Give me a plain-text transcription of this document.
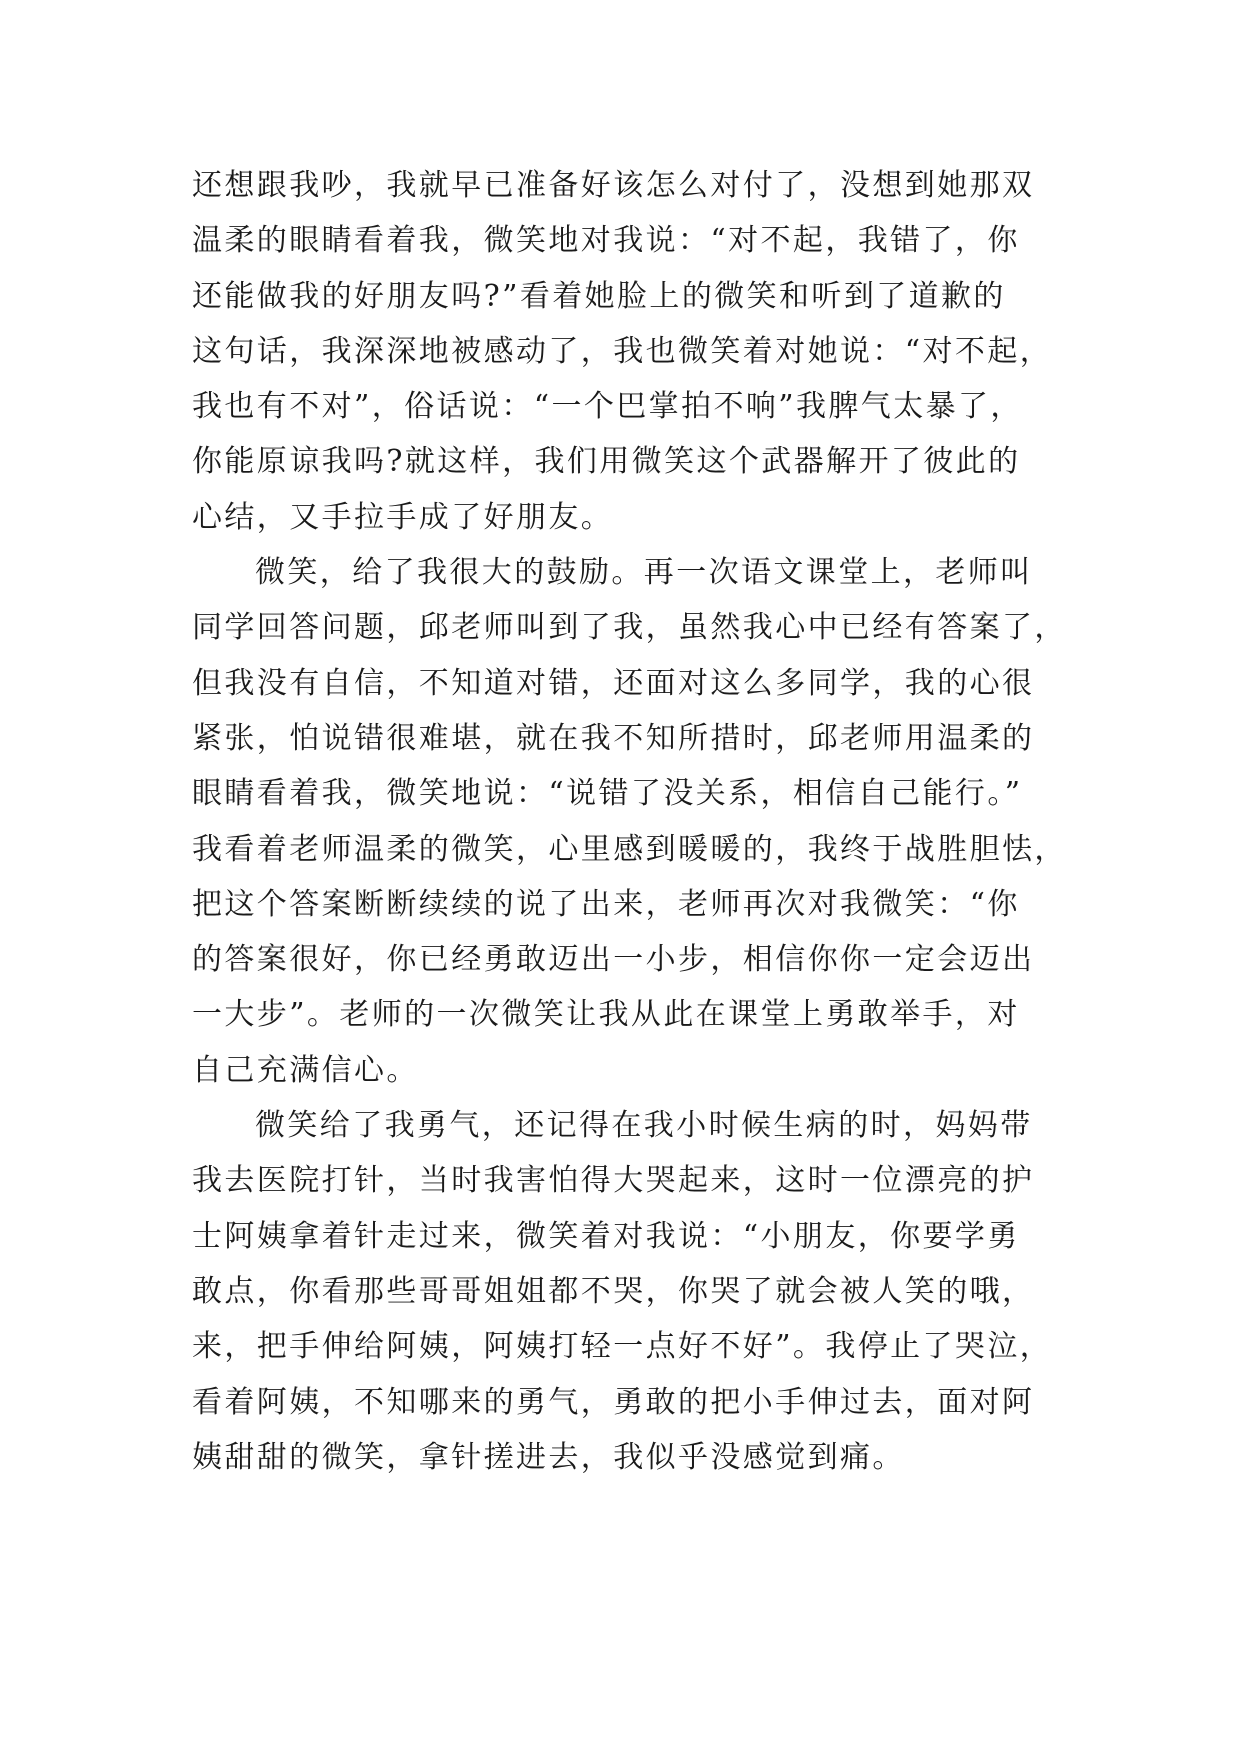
还想跟我吵，我就早已准备好该怎么对付了，没想到她那双
温柔的眼睛看着我，微笑地对我说：“对不起，我错了，你
还能做我的好朋友吗?”看着她脸上的微笑和听到了道歉的
这句话，我深深地被感动了，我也微笑着对她说：“对不起，
我也有不对”，俗话说：“一个巴掌拍不响”我脾气太暴了，
你能原谅我吗?就这样，我们用微笑这个武器解开了彼此的
心结，又手拉手成了好朋友。
微笑，给了我很大的鼓励。再一次语文课堂上，老师叫
同学回答问题，邱老师叫到了我，虽然我心中已经有答案了，
但我没有自信，不知道对错，还面对这么多同学，我的心很
紧张，怕说错很难堪，就在我不知所措时，邱老师用温柔的
眼睛看着我，微笑地说：“说错了没关系，相信自己能行。”
我看着老师温柔的微笑，心里感到暖暖的，我终于战胜胆怯，
把这个答案断断续续的说了出来，老师再次对我微笑：“你
的答案很好，你已经勇敢迈出一小步，相信你你一定会迈出
一大步”。老师的一次微笑让我从此在课堂上勇敢举手，对
自己充满信心。
微笑给了我勇气，还记得在我小时候生病的时，妈妈带
我去医院打针，当时我害怕得大哭起来，这时一位漂亮的护
士阿姨拿着针走过来，微笑着对我说：“小朋友，你要学勇
敢点，你看那些哥哥姐姐都不哭，你哭了就会被人笑的哦，
来，把手伸给阿姨，阿姨打轻一点好不好”。我停止了哭泣，
看着阿姨，不知哪来的勇气，勇敢的把小手伸过去，面对阿
姨甜甜的微笑，拿针搓进去，我似乎没感觉到痛。
